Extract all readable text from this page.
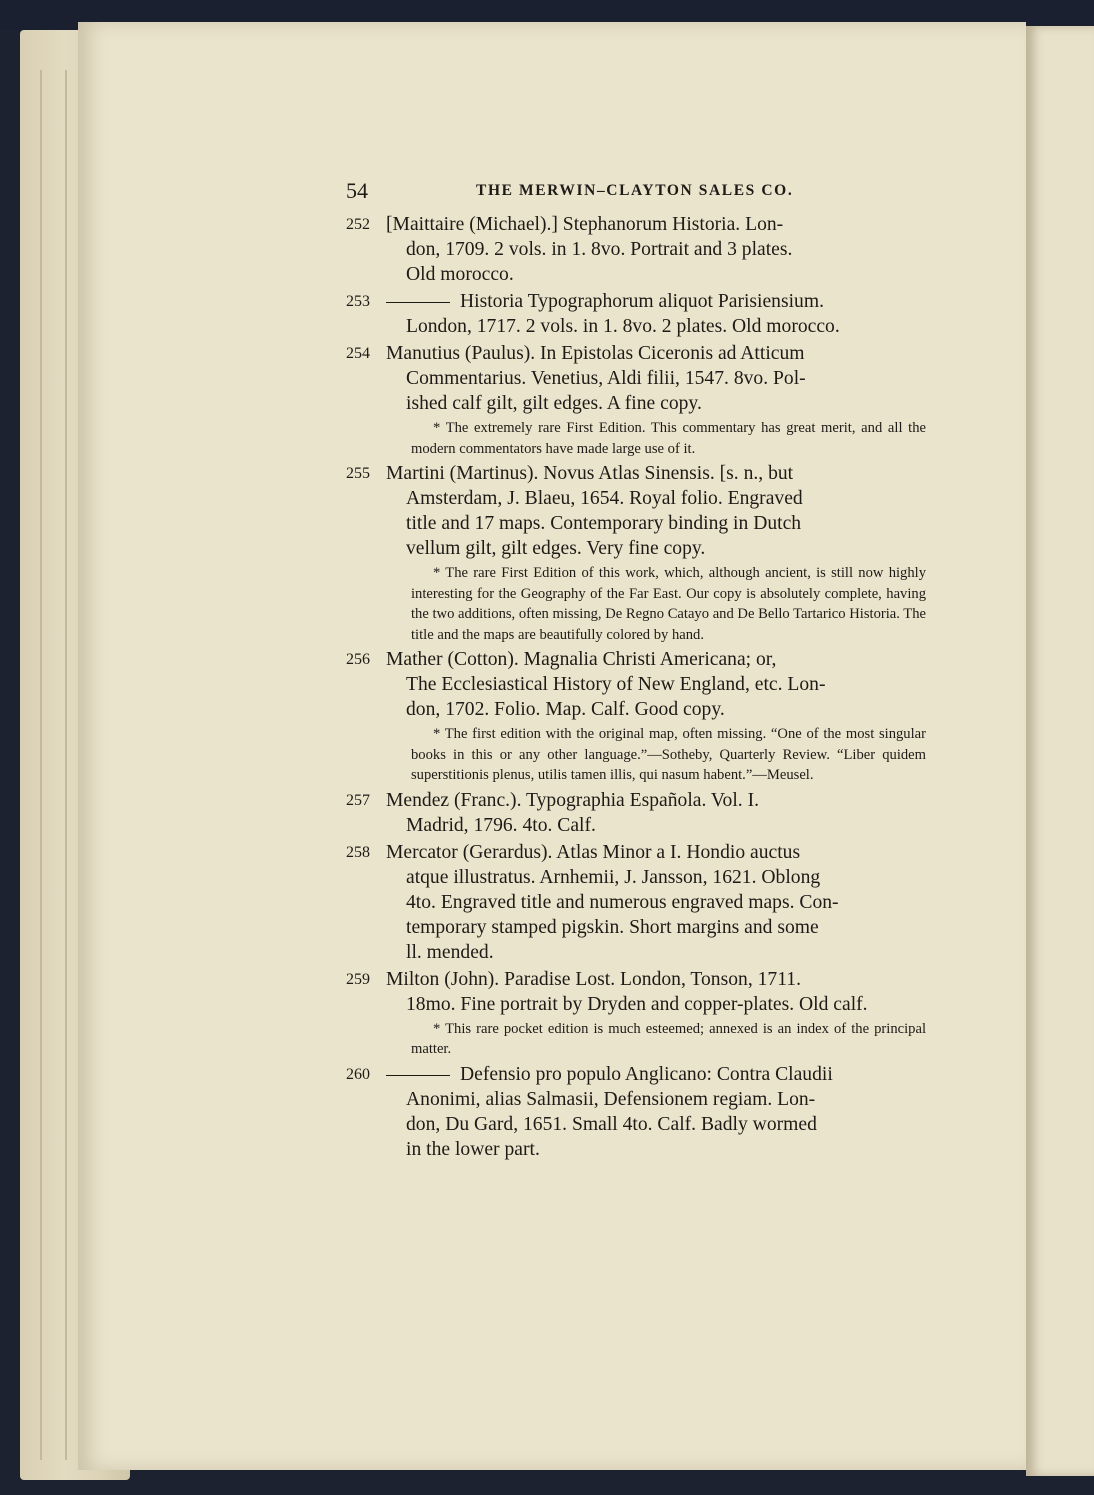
54	THE MERWIN–CLAYTON SALES CO.
252 [Maittaire (Michael).] Stephanorum Historia. Lon-
don, 1709. 2 vols. in 1. 8vo. Portrait and 3 plates.
Old morocco.
253	Historia Typographorum aliquot Parisiensium.
London, 1717. 2 vols. in 1. 8vo. 2 plates. Old morocco.
254 Manutius (Paulus). In Epistolas Ciceronis ad Atticum
Commentarius. Venetius, Aldi filii, 1547. 8vo. Pol-
ished calf gilt, gilt edges. A fine copy.
* The extremely rare First Edition. This commentary has great merit, and all the modern commentators have made large use of it.
255 Martini (Martinus). Novus Atlas Sinensis. [s. n., but
Amsterdam, J. Blaeu, 1654. Royal folio. Engraved
title and 17 maps. Contemporary binding in Dutch
vellum gilt, gilt edges. Very fine copy.
* The rare First Edition of this work, which, although ancient, is still now highly interesting for the Geography of the Far East. Our copy is absolutely complete, having the two additions, often missing, De Regno Catayo and De Bello Tartarico Historia. The title and the maps are beautifully colored by hand.
256 Mather (Cotton). Magnalia Christi Americana; or,
The Ecclesiastical History of New England, etc. Lon-
don, 1702. Folio. Map. Calf. Good copy.
* The first edition with the original map, often missing. “One of the most singular books in this or any other language.”—Sotheby, Quarterly Review. “Liber quidem superstitionis plenus, utilis tamen illis, qui nasum habent.”—Meusel.
257 Mendez (Franc.). Typographia Española. Vol. I.
Madrid, 1796. 4to. Calf.
258 Mercator (Gerardus). Atlas Minor a I. Hondio auctus
atque illustratus. Arnhemii, J. Jansson, 1621. Oblong
4to. Engraved title and numerous engraved maps. Con-
temporary stamped pigskin. Short margins and some
ll. mended.
259 Milton (John). Paradise Lost. London, Tonson, 1711.
18mo. Fine portrait by Dryden and copper-plates. Old calf.
* This rare pocket edition is much esteemed; annexed is an index of the principal matter.
260	Defensio pro populo Anglicano: Contra Claudii
Anonimi, alias Salmasii, Defensionem regiam. Lon-
don, Du Gard, 1651. Small 4to. Calf. Badly wormed
in the lower part.
